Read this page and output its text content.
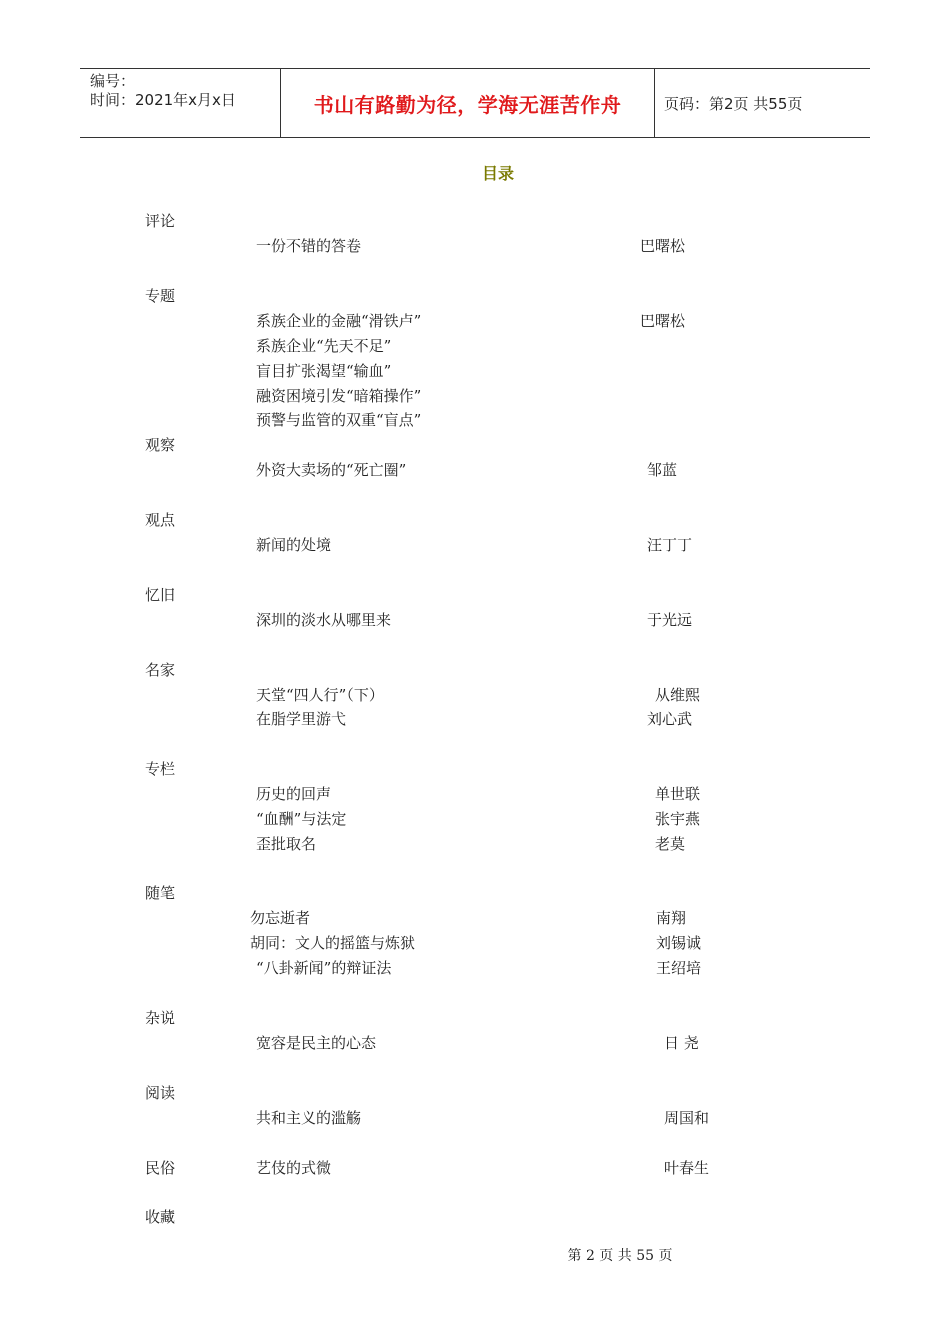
编号：
时间：2021年x月x日	书山有路勤为径，学海无涯苦作舟	页码：第2页 共55页
目录
评论
专题
观察
观点
忆旧
名家
专栏
随笔
杂说
阅读
民俗
收藏
一份不错的答卷
系族企业的金融“滑铁卢”
系族企业“先天不足”
盲目扩张渴望“输血”
融资困境引发“暗箱操作”
预警与监管的双重“盲点”
外资大卖场的“死亡圈”
新闻的处境
深圳的淡水从哪里来
天堂“四人行”（下）
在脂学里游弋
历史的回声
“血酬”与法定
歪批取名
勿忘逝者
胡同：文人的摇篮与炼狱
“八卦新闻”的辩证法
宽容是民主的心态
共和主义的滥觞
艺伎的式微
巴曙松
巴曙松
邹蓝
汪丁丁
于光远
从维熙
刘心武
单世联
张宇燕
老莫
南翔
刘锡诚
王绍培
日 尧
周国和
叶春生
第 2 页 共 55 页
